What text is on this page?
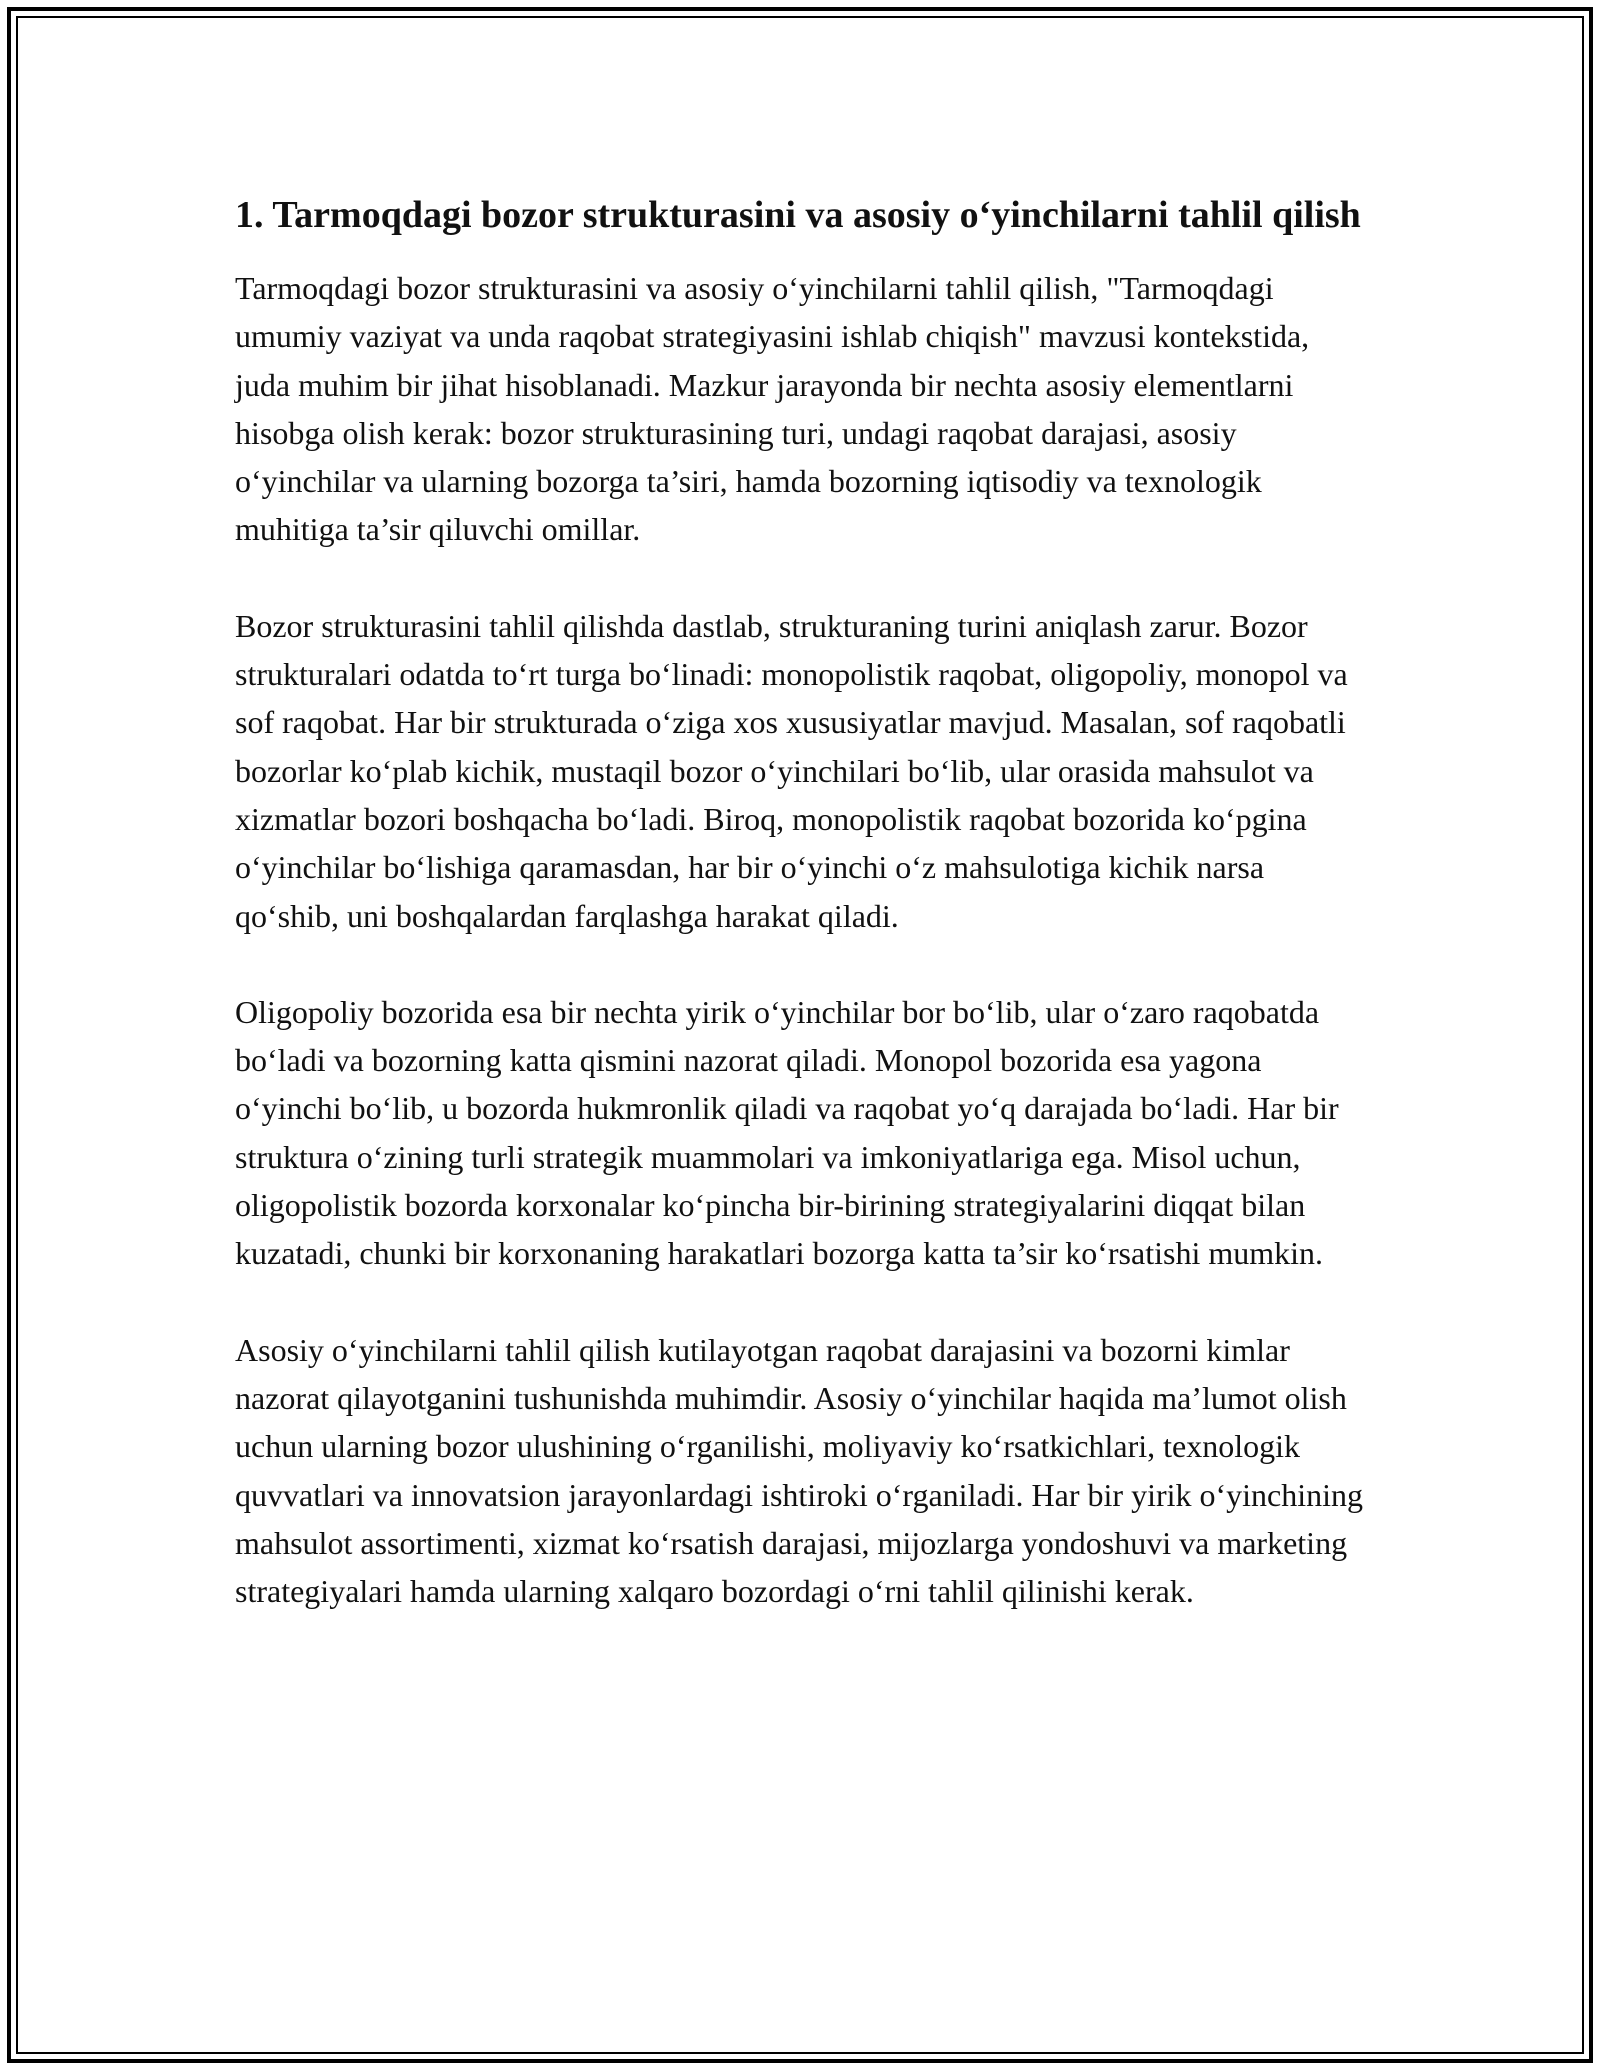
1. Tarmoqdagi bozor strukturasini va asosiy o‘yinchilarni tahlil qilish

Tarmoqdagi bozor strukturasini va asosiy o‘yinchilarni tahlil qilish, "Tarmoqdagi umumiy vaziyat va unda raqobat strategiyasini ishlab chiqish" mavzusi kontekstida, juda muhim bir jihat hisoblanadi. Mazkur jarayonda bir nechta asosiy elementlarni hisobga olish kerak: bozor strukturasining turi, undagi raqobat darajasi, asosiy o‘yinchilar va ularning bozorga ta’siri, hamda bozorning iqtisodiy va texnologik muhitiga ta’sir qiluvchi omillar.

Bozor strukturasini tahlil qilishda dastlab, strukturaning turini aniqlash zarur. Bozor strukturalari odatda to‘rt turga bo‘linadi: monopolistik raqobat, oligopoliy, monopol va sof raqobat. Har bir strukturada o‘ziga xos xususiyatlar mavjud. Masalan, sof raqobatli bozorlar ko‘plab kichik, mustaqil bozor o‘yinchilari bo‘lib, ular orasida mahsulot va xizmatlar bozori boshqacha bo‘ladi. Biroq, monopolistik raqobat bozorida ko‘pgina o‘yinchilar bo‘lishiga qaramasdan, har bir o‘yinchi o‘z mahsulotiga kichik narsa qo‘shib, uni boshqalardan farqlashga harakat qiladi.

Oligopoliy bozorida esa bir nechta yirik o‘yinchilar bor bo‘lib, ular o‘zaro raqobatda bo‘ladi va bozorning katta qismini nazorat qiladi. Monopol bozorida esa yagona o‘yinchi bo‘lib, u bozorda hukmronlik qiladi va raqobat yo‘q darajada bo‘ladi. Har bir struktura o‘zining turli strategik muammolari va imkoniyatlariga ega. Misol uchun, oligopolistik bozorda korxonalar ko‘pincha bir-birining strategiyalarini diqqat bilan kuzatadi, chunki bir korxonaning harakatlari bozorga katta ta’sir ko‘rsatishi mumkin.

Asosiy o‘yinchilarni tahlil qilish kutilayotgan raqobat darajasini va bozorni kimlar nazorat qilayotganini tushunishda muhimdir. Asosiy o‘yinchilar haqida ma’lumot olish uchun ularning bozor ulushining o‘rganilishi, moliyaviy ko‘rsatkichlari, texnologik quvvatlari va innovatsion jarayonlardagi ishtiroki o‘rganiladi. Har bir yirik o‘yinchining mahsulot assortimenti, xizmat ko‘rsatish darajasi, mijozlarga yondoshuvi va marketing strategiyalari hamda ularning xalqaro bozordagi o‘rni tahlil qilinishi kerak.
